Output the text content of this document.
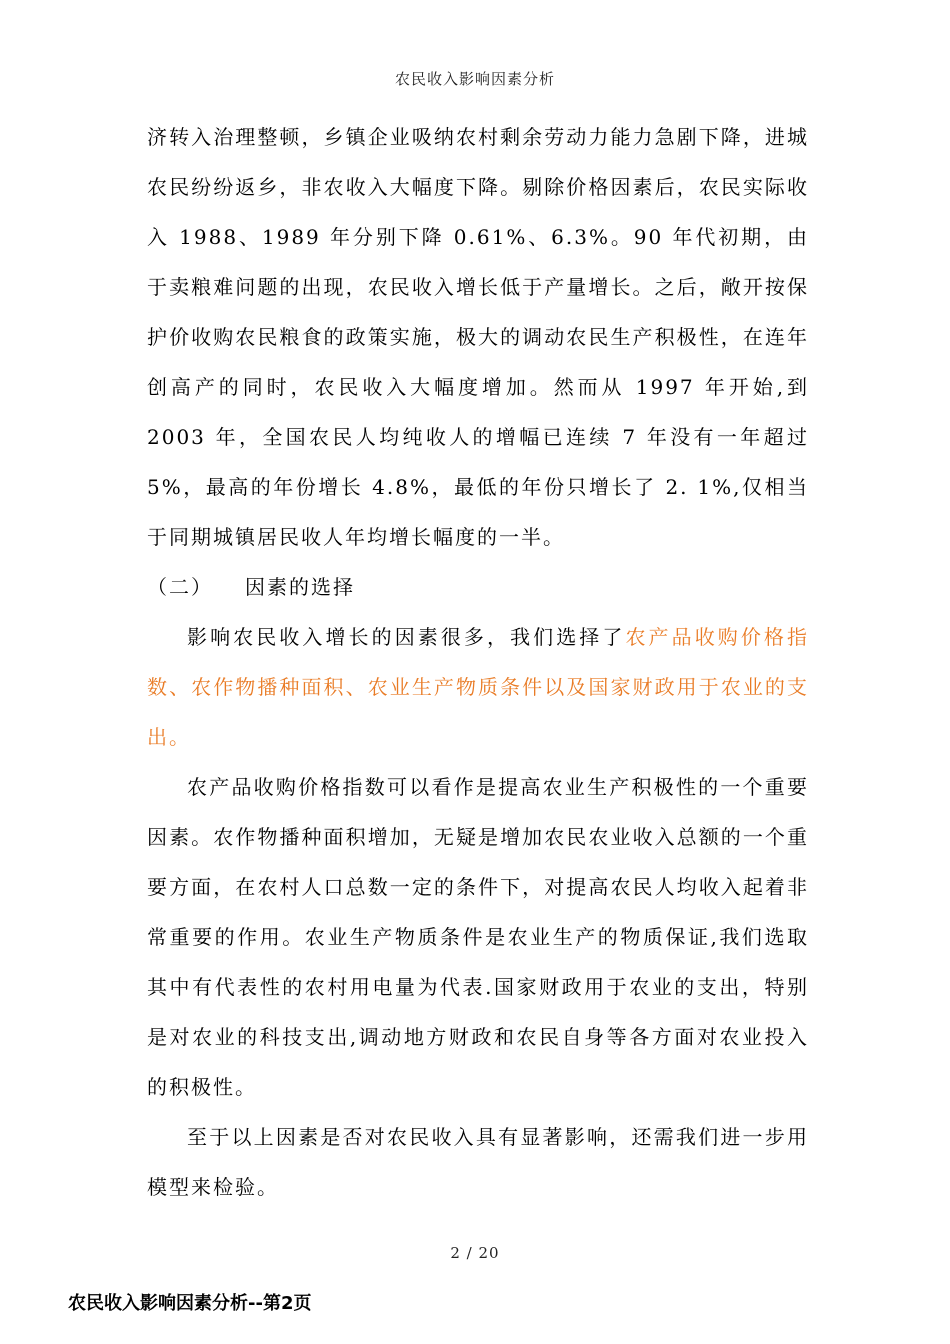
农民收入影响因素分析

济转入治理整顿，乡镇企业吸纳农村剩余劳动力能力急剧下降，进城农民纷纷返乡，非农收入大幅度下降。剔除价格因素后，农民实际收入 1988、1989 年分别下降 0.61%、6.3%。90 年代初期，由于卖粮难问题的出现，农民收入增长低于产量增长。之后，敞开按保护价收购农民粮食的政策实施，极大的调动农民生产积极性，在连年创高产的同时，农民收入大幅度增加。然而从 1997 年开始,到 2003 年，全国农民人均纯收人的增幅已连续 7 年没有一年超过 5%，最高的年份增长 4.8%，最低的年份只增长了 2. 1%,仅相当于同期城镇居民收人年均增长幅度的一半。

（二） 因素的选择

影响农民收入增长的因素很多，我们选择了农产品收购价格指数、农作物播种面积、农业生产物质条件以及国家财政用于农业的支出。

农产品收购价格指数可以看作是提高农业生产积极性的一个重要因素。农作物播种面积增加，无疑是增加农民农业收入总额的一个重要方面，在农村人口总数一定的条件下，对提高农民人均收入起着非常重要的作用。农业生产物质条件是农业生产的物质保证,我们选取其中有代表性的农村用电量为代表.国家财政用于农业的支出，特别是对农业的科技支出,调动地方财政和农民自身等各方面对农业投入的积极性。

至于以上因素是否对农民收入具有显著影响，还需我们进一步用模型来检验。

2 / 20
农民收入影响因素分析--第2页
